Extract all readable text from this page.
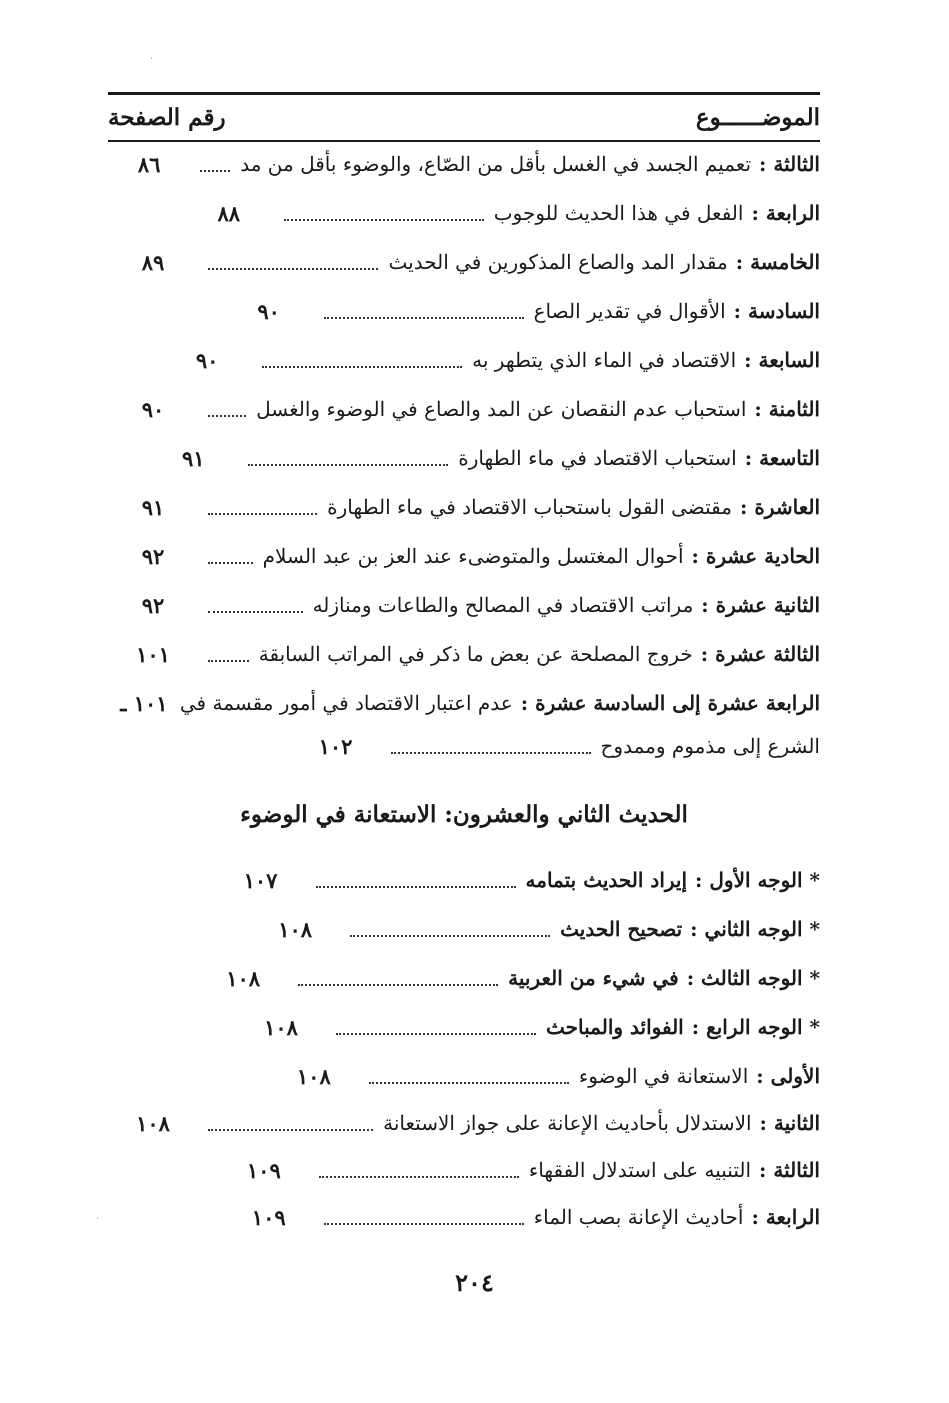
الموضــــــوع
رقم الصفحة
الثالثة :
تعميم الجسد في الغسل بأقل من الصّاع، والوضوء بأقل من مد
٨٦
الرابعة :
الفعل في هذا الحديث للوجوب
٨٨
الخامسة :
مقدار المد والصاع المذكورين في الحديث
٨٩
السادسة :
الأقوال في تقدير الصاع
٩٠
السابعة :
الاقتصاد في الماء الذي يتطهر به
٩٠
الثامنة :
استحباب عدم النقصان عن المد والصاع في الوضوء والغسل
٩٠
التاسعة :
استحباب الاقتصاد في ماء الطهارة
٩١
العاشرة :
مقتضى القول باستحباب الاقتصاد في ماء الطهارة
٩١
الحادية عشرة :
أحوال المغتسل والمتوضىء عند العز بن عبد السلام
٩٢
الثانية عشرة :
مراتب الاقتصاد في المصالح والطاعات ومنازله
٩٢
الثالثة عشرة :
خروج المصلحة عن بعض ما ذكر في المراتب السابقة
١٠١
الرابعة عشرة إلى السادسة عشرة :
عدم اعتبار الاقتصاد في أمور مقسمة في
١٠١ ـ
الشرع إلى مذموم وممدوح
١٠٢
الحديث الثاني والعشرون: الاستعانة في الوضوء
* الوجه الأول :
إيراد الحديث بتمامه
١٠٧
* الوجه الثاني :
تصحيح الحديث
١٠٨
* الوجه الثالث :
في شيء من العربية
١٠٨
* الوجه الرابع :
الفوائد والمباحث
١٠٨
الأولى :
الاستعانة في الوضوء
١٠٨
الثانية :
الاستدلال بأحاديث الإعانة على جواز الاستعانة
١٠٨
الثالثة :
التنبيه على استدلال الفقهاء
١٠٩
الرابعة :
أحاديث الإعانة بصب الماء
١٠٩
٢٠٤
·
·
